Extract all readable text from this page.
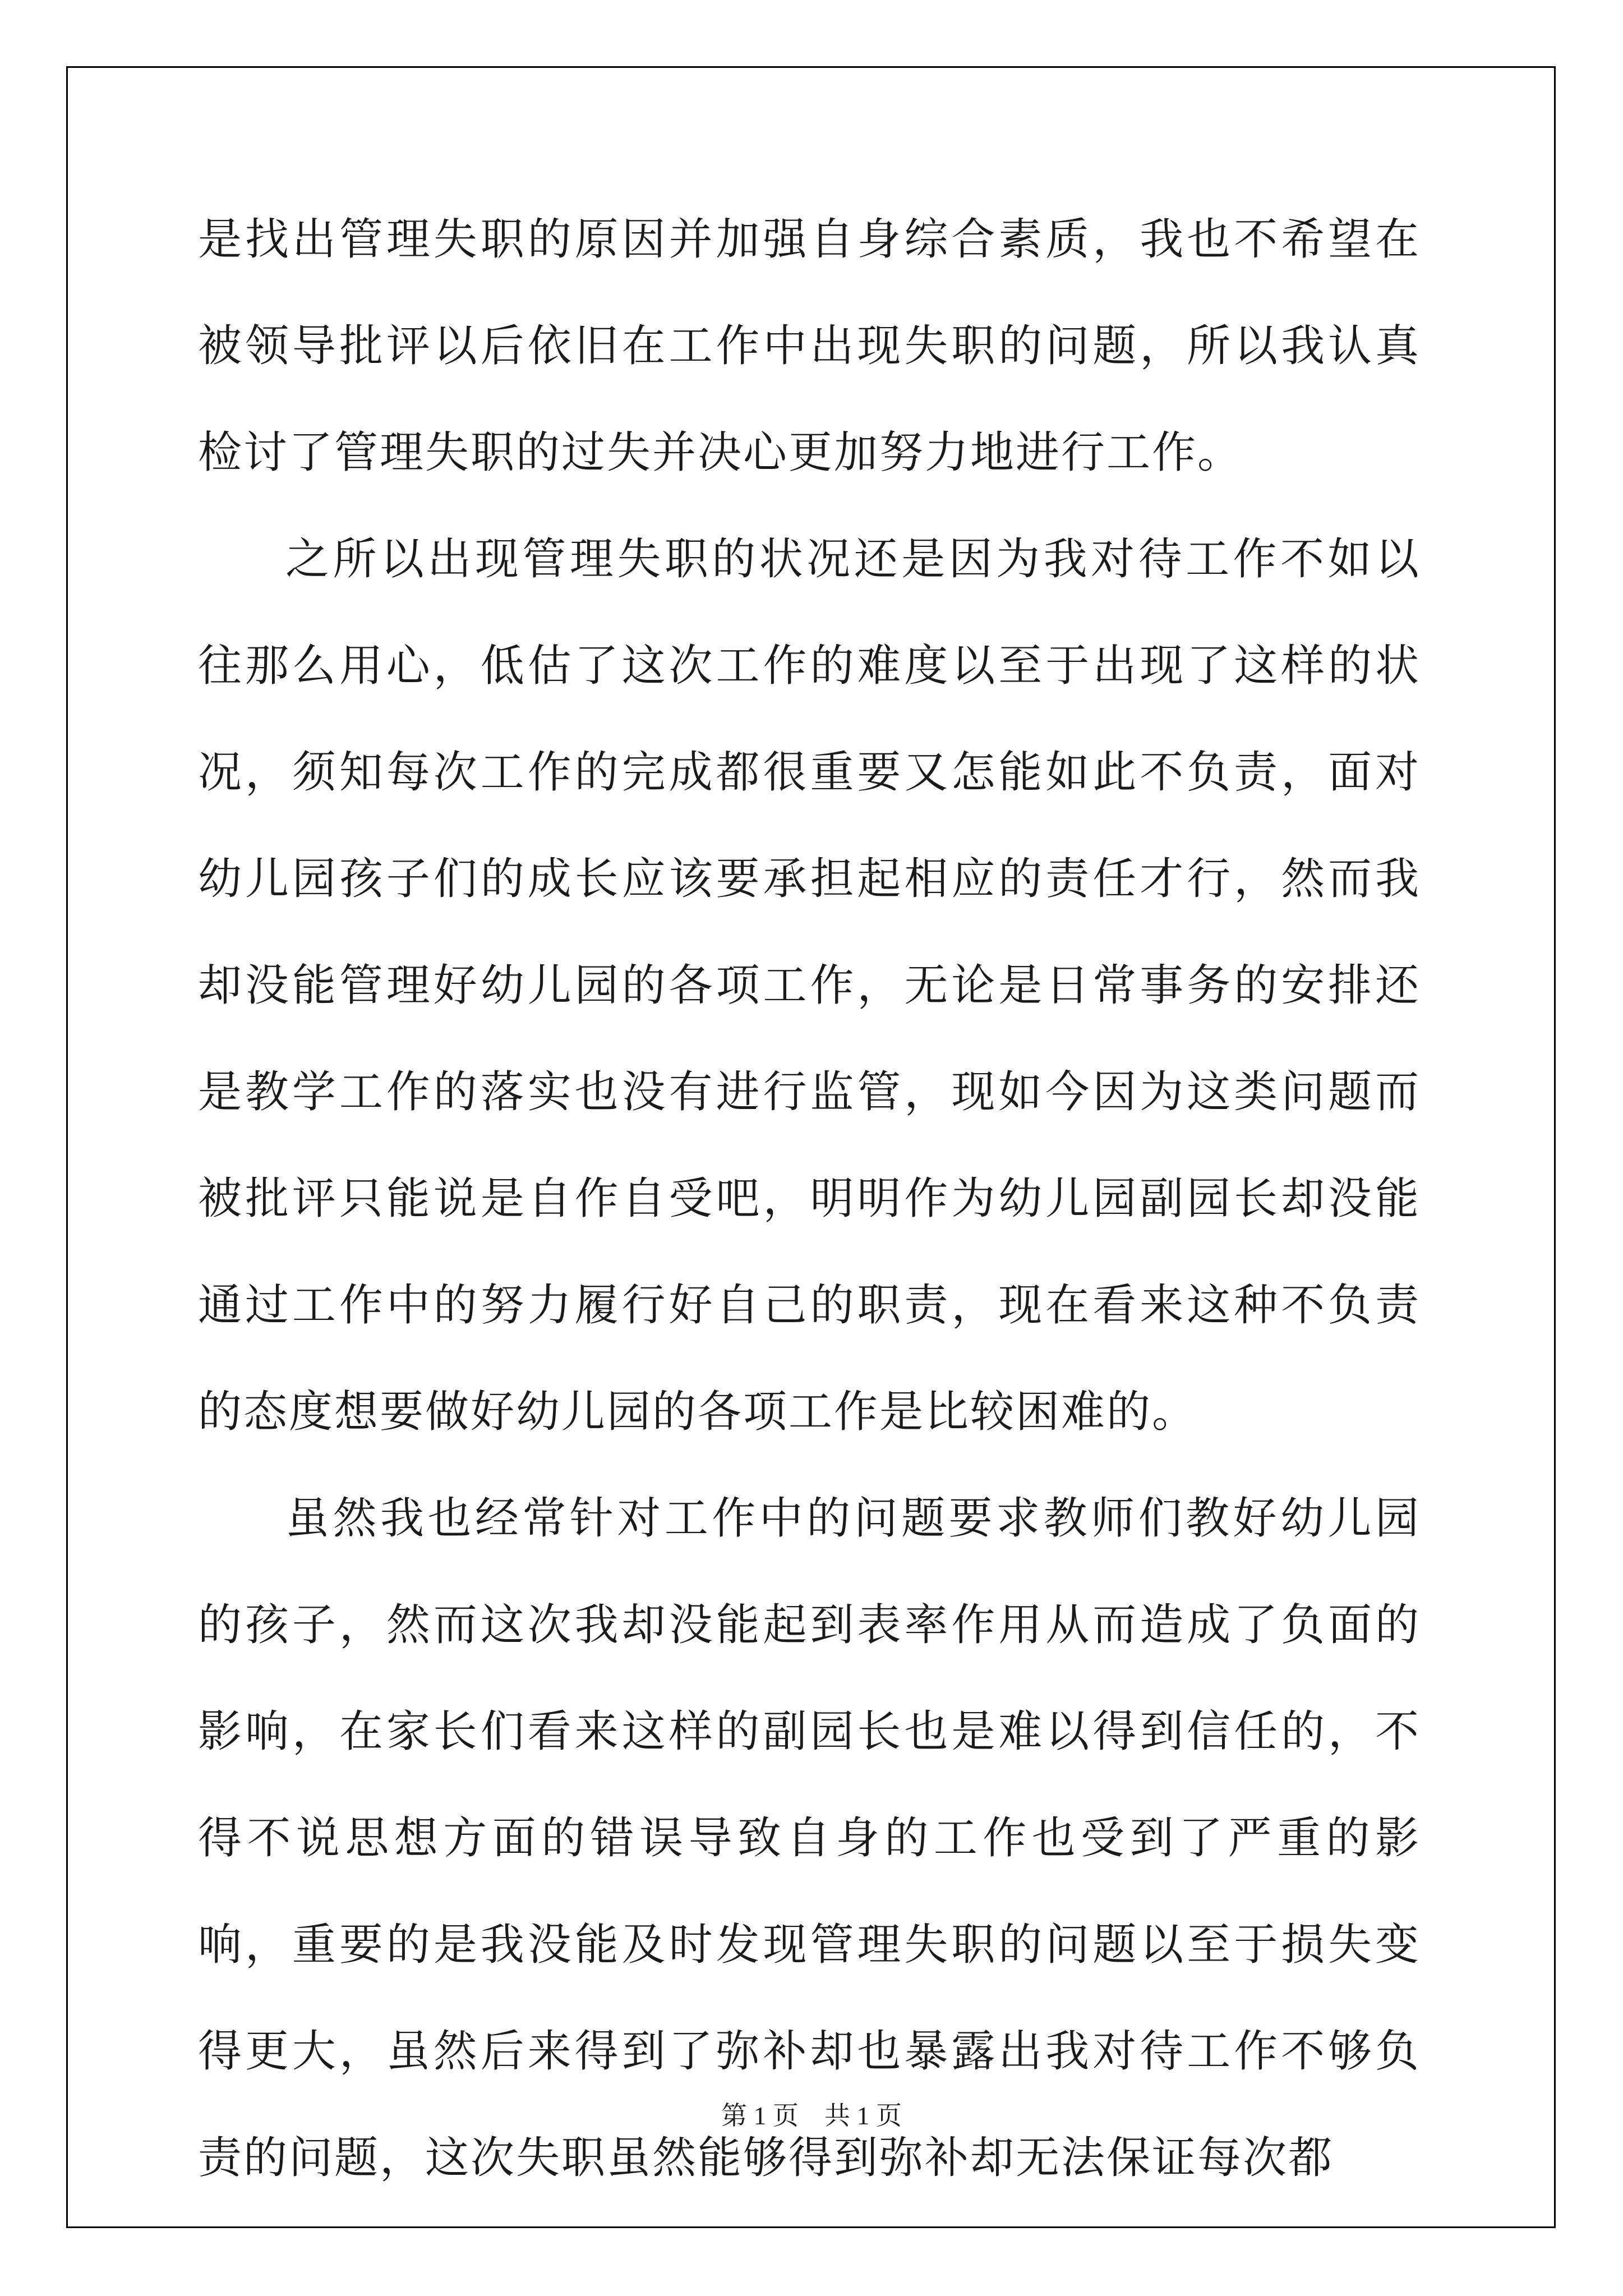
是找出管理失职的原因并加强自身综合素质，我也不希望在被领导批评以后依旧在工作中出现失职的问题，所以我认真检讨了管理失职的过失并决心更加努力地进行工作。

之所以出现管理失职的状况还是因为我对待工作不如以往那么用心，低估了这次工作的难度以至于出现了这样的状况，须知每次工作的完成都很重要又怎能如此不负责，面对幼儿园孩子们的成长应该要承担起相应的责任才行，然而我却没能管理好幼儿园的各项工作，无论是日常事务的安排还是教学工作的落实也没有进行监管，现如今因为这类问题而被批评只能说是自作自受吧，明明作为幼儿园副园长却没能通过工作中的努力履行好自己的职责，现在看来这种不负责的态度想要做好幼儿园的各项工作是比较困难的。

虽然我也经常针对工作中的问题要求教师们教好幼儿园的孩子，然而这次我却没能起到表率作用从而造成了负面的影响，在家长们看来这样的副园长也是难以得到信任的，不得不说思想方面的错误导致自身的工作也受到了严重的影响，重要的是我没能及时发现管理失职的问题以至于损失变得更大，虽然后来得到了弥补却也暴露出我对待工作不够负责的问题，这次失职虽然能够得到弥补却无法保证每次都

第 1 页    共 1 页
